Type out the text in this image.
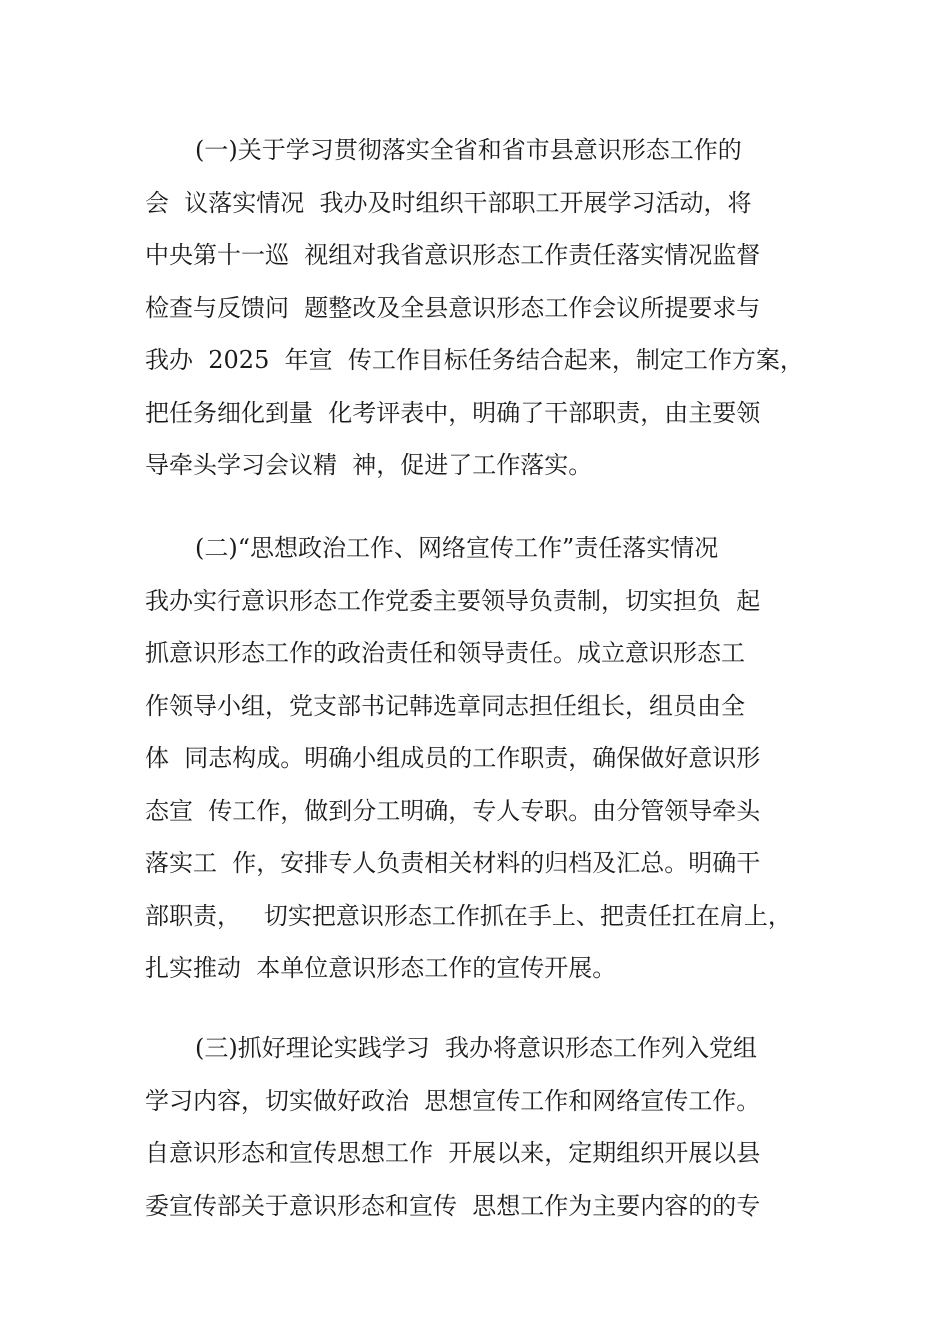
(一)关于学习贯彻落实全省和省市县意识形态工作的
会  议落实情况  我办及时组织干部职工开展学习活动，将
中央第十一巡  视组对我省意识形态工作责任落实情况监督
检查与反馈问  题整改及全县意识形态工作会议所提要求与
我办  2025  年宣  传工作目标任务结合起来，制定工作方案，
把任务细化到量  化考评表中，明确了干部职责，由主要领
导牵头学习会议精  神，促进了工作落实。
(二)“思想政治工作、网络宣传工作”责任落实情况
我办实行意识形态工作党委主要领导负责制，切实担负  起
抓意识形态工作的政治责任和领导责任。成立意识形态工
作领导小组，党支部书记韩选章同志担任组长，组员由全
体  同志构成。明确小组成员的工作职责，确保做好意识形
态宣  传工作，做到分工明确，专人专职。由分管领导牵头
落实工  作，安排专人负责相关材料的归档及汇总。明确干
部职责，   切实把意识形态工作抓在手上、把责任扛在肩上，
扎实推动  本单位意识形态工作的宣传开展。
(三)抓好理论实践学习  我办将意识形态工作列入党组
学习内容，切实做好政治  思想宣传工作和网络宣传工作。
自意识形态和宣传思想工作  开展以来，定期组织开展以县
委宣传部关于意识形态和宣传  思想工作为主要内容的的专
